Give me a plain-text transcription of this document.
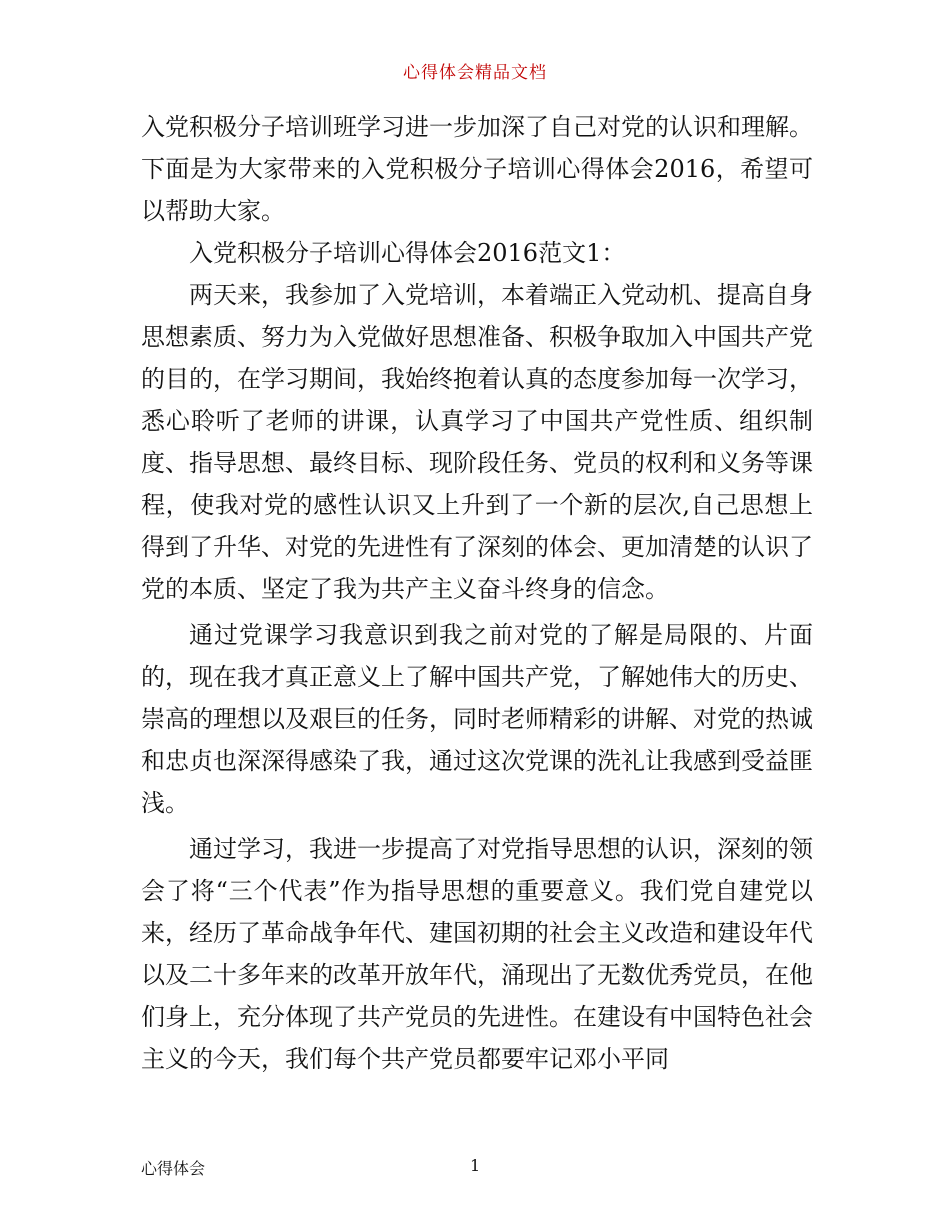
心得体会精品文档

入党积极分子培训班学习进一步加深了自己对党的认识和理解。下面是为大家带来的入党积极分子培训心得体会2016，希望可以帮助大家。

入党积极分子培训心得体会2016范文1：

两天来，我参加了入党培训，本着端正入党动机、提高自身思想素质、努力为入党做好思想准备、积极争取加入中国共产党的目的，在学习期间，我始终抱着认真的态度参加每一次学习，悉心聆听了老师的讲课，认真学习了中国共产党性质、组织制度、指导思想、最终目标、现阶段任务、党员的权利和义务等课程，使我对党的感性认识又上升到了一个新的层次,自己思想上得到了升华、对党的先进性有了深刻的体会、更加清楚的认识了党的本质、坚定了我为共产主义奋斗终身的信念。

通过党课学习我意识到我之前对党的了解是局限的、片面的，现在我才真正意义上了解中国共产党，了解她伟大的历史、崇高的理想以及艰巨的任务，同时老师精彩的讲解、对党的热诚和忠贞也深深得感染了我，通过这次党课的洗礼让我感到受益匪浅。

通过学习，我进一步提高了对党指导思想的认识，深刻的领会了将“三个代表”作为指导思想的重要意义。我们党自建党以来，经历了革命战争年代、建国初期的社会主义改造和建设年代以及二十多年来的改革开放年代，涌现出了无数优秀党员，在他们身上，充分体现了共产党员的先进性。在建设有中国特色社会主义的今天，我们每个共产党员都要牢记邓小平同

心得体会	1
